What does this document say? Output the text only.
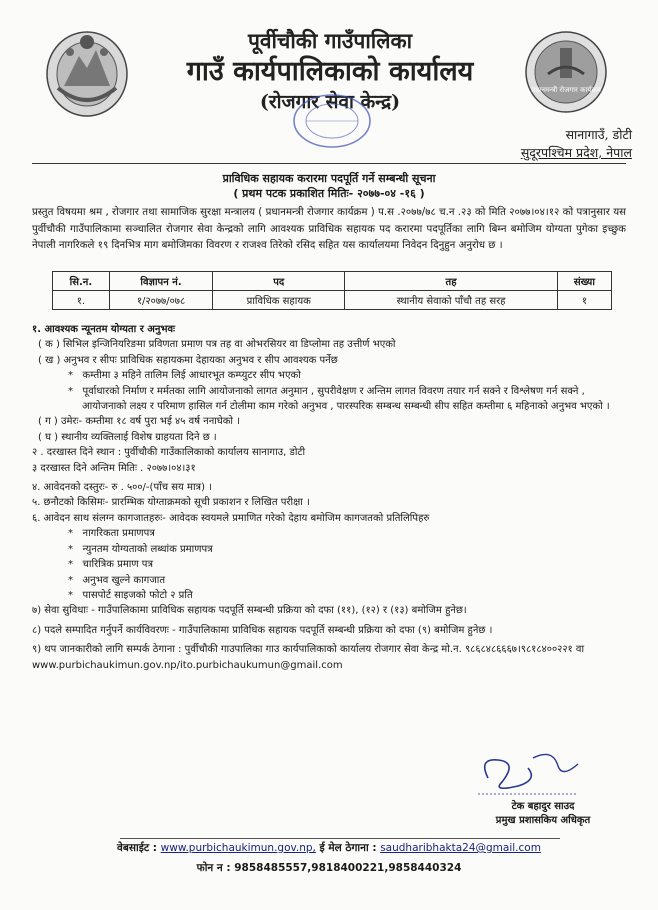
पूर्वीचौकी गाउँपालिका
गाउँ कार्यपालिकाको कार्यालय
(रोजगार सेवा केन्द्र)
प्रधानमन्त्री रोजगार कार्यक्रम
सानागाउँ, डोटी
सुदूरपश्चिम प्रदेश, नेपाल
प्राविधिक सहायक करारमा पदपूर्ति गर्ने सम्बन्धी सूचना
( प्रथम पटक प्रकाशित मितिः- २०७७-०४ -१६ )
प्रस्तुत विषयमा श्रम , रोजगार तथा सामाजिक सुरक्षा मन्त्रालय ( प्रधानमन्त्री रोजगार कार्यक्रम ) प.स .२०७७/७८ च.न .२३ को मिति २०७७।०४।१२ को पत्रानुसार यस पुर्वीचौकी गाउँपालिकामा सञ्चालित रोजगार सेवा केन्द्रको लागि आवश्यक प्राविधिक सहायक पद करारमा पदपूर्तिका लागि बिम्न बमोजिम योग्यता पुगेका इच्छुक नेपाली नागरिकले १९ दिनभित्र माग बमोजिमका विवरण र राजश्व तिरेको रसिद सहित यस कार्यालयमा निवेदन दिनुहुन अनुरोध छ ।
सि.न.	विज्ञापन नं.	पद	तह	संख्या
१.	१/२०७७/०७८	प्राविधिक सहायक	स्थानीय सेवाको पाँचौ तह सरह	१

१. आवश्यक न्यूनतम योग्यता र अनुभवः

( क ) सिभिल इन्जिनियरिङमा प्रविणता प्रमाण पत्र तह वा ओभरसियर वा डिप्लोमा तह उत्तीर्ण भएको

( ख ) अनुभव र सीपः प्राविधिक सहायकमा देहायका अनुभव र सीप आवश्यक पर्नेछ

*   कम्तीमा ३ महिने तालिम लिई आधारभूत कम्प्युटर सीप भएको

*   पूर्वाधारको निर्माण र मर्मतका लागि आयोजनाको लागत अनुमान , सुपरीवेक्षण र अन्तिम लागत विवरण तयार गर्न सक्ने र विश्लेषण गर्न सक्ने , आयोजनाको लक्ष्य र परिमाण हासिल गर्न टोलीमा काम गरेको अनुभव , पारस्परिक सम्बन्ध सम्बन्धी सीप सहित कम्तीमा ६ महिनाको अनुभव भएको ।

( ग ) उमेरः- कम्तीमा १८ वर्ष पुरा भई ४५ वर्ष ननाघेको ।

( घ ) स्थानीय व्यक्तिलाई विशेष ग्राहयता दिने छ ।

२ . दरखास्त दिने स्थान : पुर्वीचौकी गाउँकालिकाको कार्यालय सानागाउ, डोटी

३ दरखास्त दिने अन्तिम मितिः . २०७७।०४।३१

४. आवेदनको दस्तुरः- रु . ५००/-(पाँच सय मात्र) ।

५. छनौटको किसिमः- प्रारम्भिक योग्ताक्रमको सूची प्रकाशन र लिखित परीक्षा ।

६. आवेदन साथ संलग्न कागजातहरुः- आवेदक स्वयमले प्रमाणित गरेको देहाय बमोजिम कागजतको प्रतिलिपिहरु

*   नागरिकता प्रमाणपत्र

*   न्युनतम योग्यताको लब्धांक प्रमाणपत्र

*   चारित्रिक प्रमाण पत्र

*   अनुभव खुल्ने कागजात

*   पासपोर्ट साइजको फोटो २ प्रति

७) सेवा सुविधाः - गाउँपालिकामा प्राविधिक सहायक पदपूर्ति सम्बन्धी प्रक्रिया को दफा (११), (१२) र (१३) बमोजिम हुनेछ।

८) पदले सम्पादित गर्नुपर्ने कार्यविवरणः - गाउँपालिकामा प्राविधिक सहायक पदपूर्ति सम्बन्धी प्रक्रिया को दफा (९) बमोजिम हुनेछ ।

९) थप जानकारीको लागि सम्पर्क ठेगाना : पुर्वीचौकी गाउपालिका गाउ कार्यपालिकाको कार्यालय रोजगार सेवा केन्द्र मो.न. ९८६८४८६६६७।९८१८४००२२१ वा www.purbichaukimun.gov.np/ito.purbichaukumun@gmail.com

टेक बहादुर साउद
प्रमुख प्रशासकिय अधिकृत
वेबसाईट : www.purbichaukimun.gov.np, ई मेल ठेगाना : saudharibhakta24@gmail.com
फोन न : 9858485557,9818400221,9858440324
